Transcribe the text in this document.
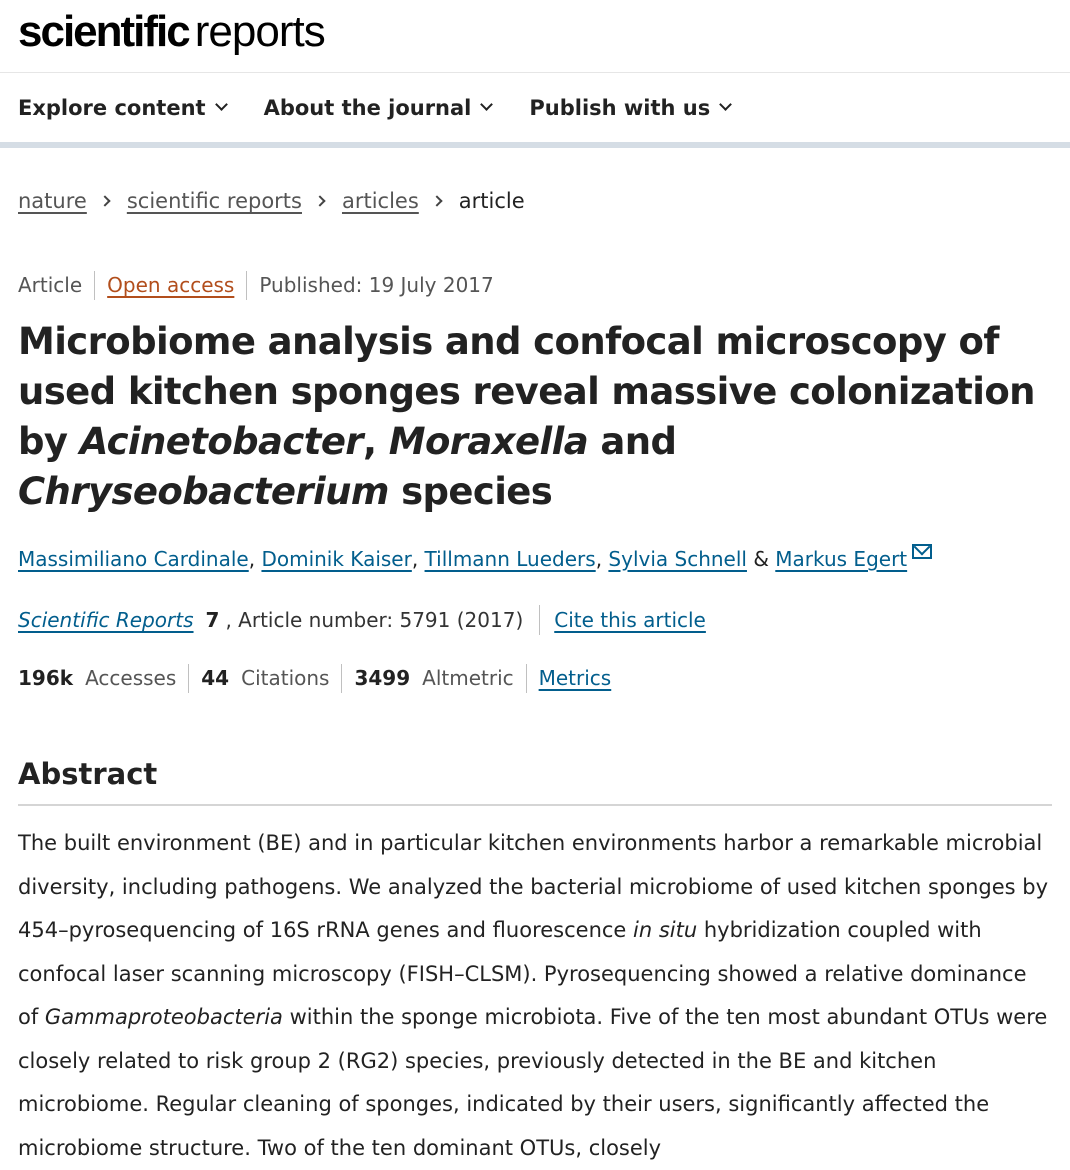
scientific reports
Explore content	About the journal	Publish with us
nature scientific reports articles article
Article Open access Published: 19 July 2017
Microbiome analysis and confocal microscopy of used kitchen sponges reveal massive colonization by Acinetobacter, Moraxella and Chryseobacterium species
Massimiliano Cardinale , Dominik Kaiser , Tillmann Lueders , Sylvia Schnell & Markus Egert
Scientific Reports 7 , Article number: 5791 (2017) Cite this article
196k Accesses 44 Citations 3499 Altmetric Metrics
Abstract

The built environment (BE) and in particular kitchen environments harbor a remarkable microbial diversity, including pathogens. We analyzed the bacterial microbiome of used kitchen sponges by 454–pyrosequencing of 16S rRNA genes and fluorescence in situ hybridization coupled with confocal laser scanning microscopy (FISH–CLSM). Pyrosequencing showed a relative dominance of Gammaproteobacteria within the sponge microbiota. Five of the ten most abundant OTUs were closely related to risk group 2 (RG2) species, previously detected in the BE and kitchen microbiome. Regular cleaning of sponges, indicated by their users, significantly affected the microbiome structure. Two of the ten dominant OTUs, closely
